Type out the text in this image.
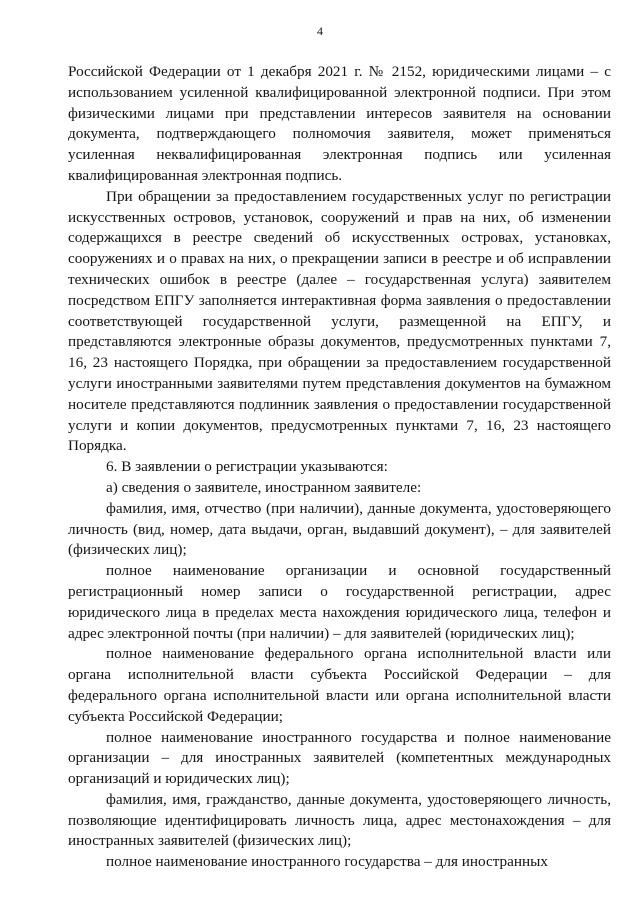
4

Российской Федерации от 1 декабря 2021 г. № 2152, юридическими лицами – с использованием усиленной квалифицированной электронной подписи. При этом физическими лицами при представлении интересов заявителя на основании документа, подтверждающего полномочия заявителя, может применяться усиленная неквалифицированная электронная подпись или усиленная квалифицированная электронная подпись.

При обращении за предоставлением государственных услуг по регистрации искусственных островов, установок, сооружений и прав на них, об изменении содержащихся в реестре сведений об искусственных островах, установках, сооружениях и о правах на них, о прекращении записи в реестре и об исправлении технических ошибок в реестре (далее – государственная услуга) заявителем посредством ЕПГУ заполняется интерактивная форма заявления о предоставлении соответствующей государственной услуги, размещенной на ЕПГУ, и представляются электронные образы документов, предусмотренных пунктами 7, 16, 23 настоящего Порядка, при обращении за предоставлением государственной услуги иностранными заявителями путем представления документов на бумажном носителе представляются подлинник заявления о предоставлении государственной услуги и копии документов, предусмотренных пунктами 7, 16, 23 настоящего Порядка.

6. В заявлении о регистрации указываются:

а) сведения о заявителе, иностранном заявителе:

фамилия, имя, отчество (при наличии), данные документа, удостоверяющего личность (вид, номер, дата выдачи, орган, выдавший документ), – для заявителей (физических лиц);

полное наименование организации и основной государственный регистрационный номер записи о государственной регистрации, адрес юридического лица в пределах места нахождения юридического лица, телефон и адрес электронной почты (при наличии) – для заявителей (юридических лиц);

полное наименование федерального органа исполнительной власти или органа исполнительной власти субъекта Российской Федерации – для федерального органа исполнительной власти или органа исполнительной власти субъекта Российской Федерации;

полное наименование иностранного государства и полное наименование организации – для иностранных заявителей (компетентных международных организаций и юридических лиц);

фамилия, имя, гражданство, данные документа, удостоверяющего личность, позволяющие идентифицировать личность лица, адрес местонахождения – для иностранных заявителей (физических лиц);

полное наименование иностранного государства – для иностранных
